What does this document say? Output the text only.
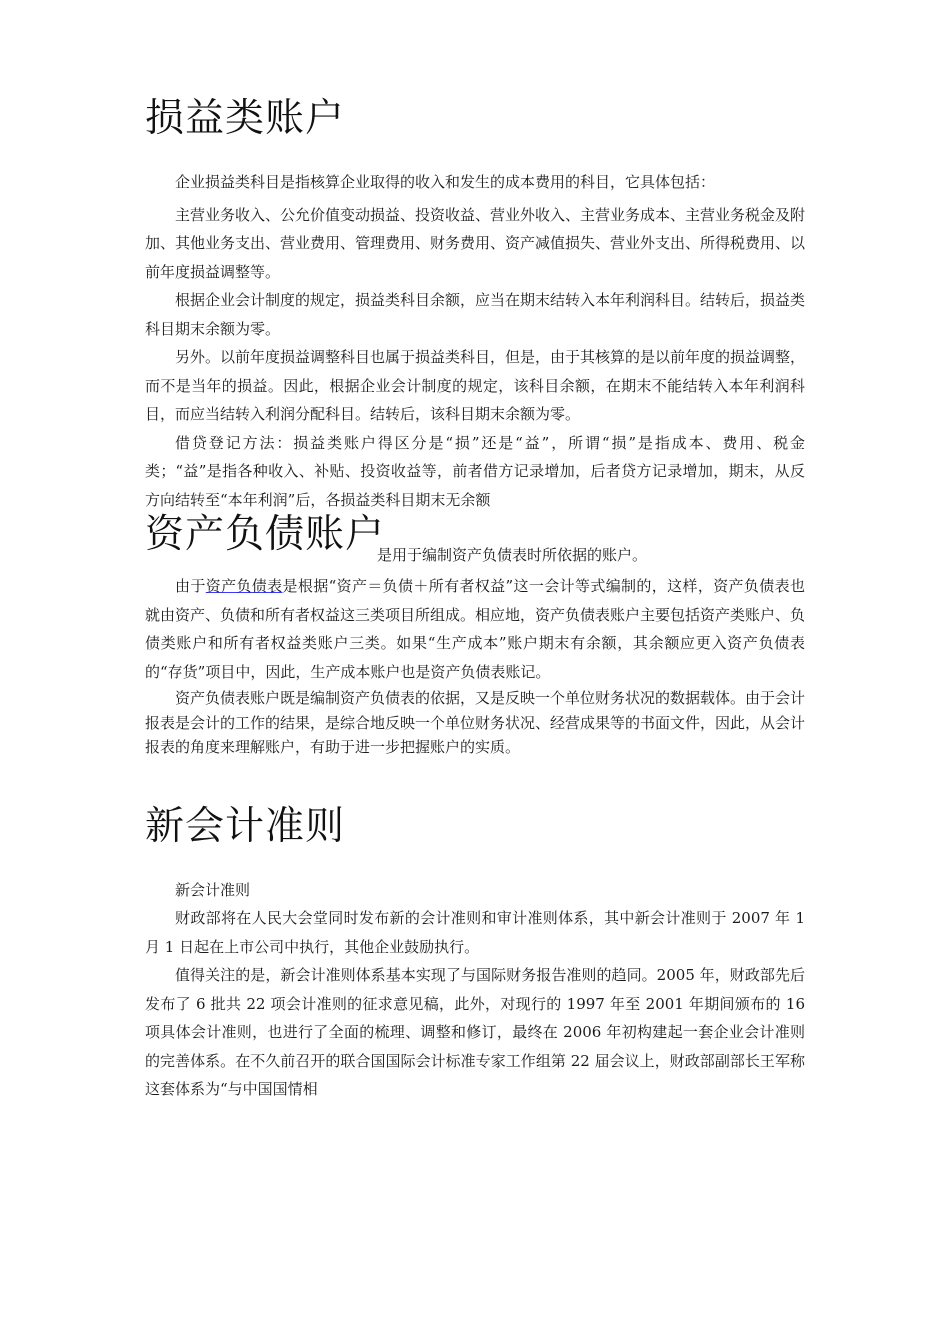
损益类账户

企业损益类科目是指核算企业取得的收入和发生的成本费用的科目，它具体包括：

主营业务收入、公允价值变动损益、投资收益、营业外收入、主营业务成本、主营业务税金及附加、其他业务支出、营业费用、管理费用、财务费用、资产减值损失、营业外支出、所得税费用、以前年度损益调整等。

根据企业会计制度的规定，损益类科目余额，应当在期末结转入本年利润科目。结转后，损益类科目期末余额为零。

另外。以前年度损益调整科目也属于损益类科目，但是，由于其核算的是以前年度的损益调整，而不是当年的损益。因此，根据企业会计制度的规定，该科目余额，在期末不能结转入本年利润科目，而应当结转入利润分配科目。结转后，该科目期末余额为零。

借贷登记方法：损益类账户得区分是“损”还是“益”，所谓“损”是指成本、费用、税金类；“益”是指各种收入、补贴、投资收益等，前者借方记录增加，后者贷方记录增加，期末，从反方向结转至“本年利润”后，各损益类科目期末无余额

资产负债账户
是用于编制资产负债表时所依据的账户。

由于资产负债表是根据“资产＝负债＋所有者权益”这一会计等式编制的，这样，资产负债表也就由资产、负债和所有者权益这三类项目所组成。相应地，资产负债表账户主要包括资产类账户、负债类账户和所有者权益类账户三类。如果“生产成本”账户期末有余额，其余额应更入资产负债表的“存货”项目中，因此，生产成本账户也是资产负债表账记。

资产负债表账户既是编制资产负债表的依据，又是反映一个单位财务状况的数据载体。由于会计报表是会计的工作的结果，是综合地反映一个单位财务状况、经营成果等的书面文件，因此，从会计报表的角度来理解账户，有助于进一步把握账户的实质。

新会计准则

新会计准则

财政部将在人民大会堂同时发布新的会计准则和审计准则体系，其中新会计准则于 2007 年 1 月 1 日起在上市公司中执行，其他企业鼓励执行。

值得关注的是，新会计准则体系基本实现了与国际财务报告准则的趋同。2005 年，财政部先后发布了 6 批共 22 项会计准则的征求意见稿，此外，对现行的 1997 年至 2001 年期间颁布的 16 项具体会计准则，也进行了全面的梳理、调整和修订，最终在 2006 年初构建起一套企业会计准则的完善体系。在不久前召开的联合国国际会计标准专家工作组第 22 届会议上，财政部副部长王军称这套体系为“与中国国情相
